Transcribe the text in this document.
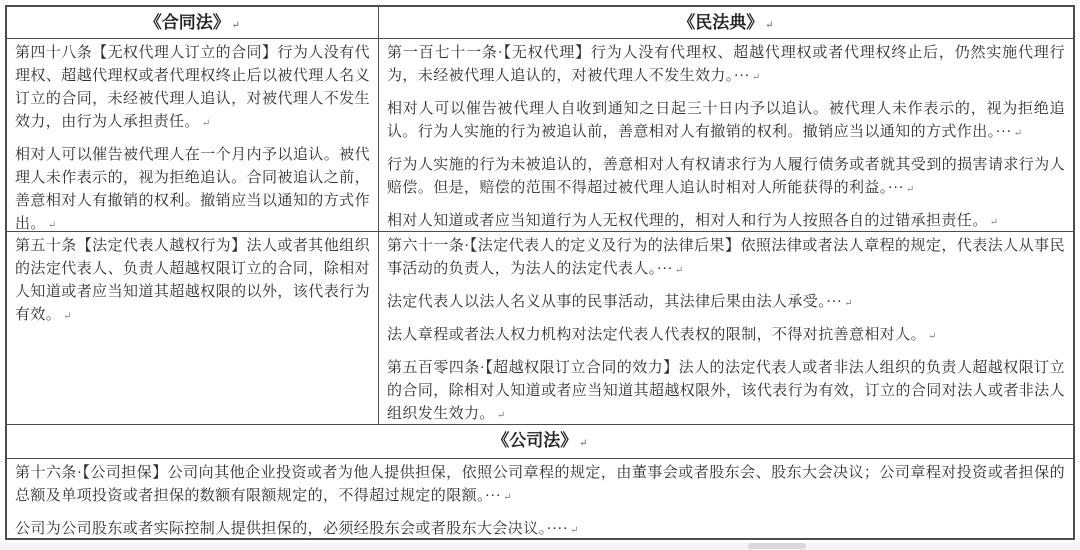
《合同法》 ↵	《民法典》 ↵

第四十八条【无权代理人订立的合同】行为人没有代理权、超越代理权或者代理权终止后以被代理人名义订立的合同，未经被代理人追认，对被代理人不发生效力，由行为人承担责任。 ↵

相对人可以催告被代理人在一个月内予以追认。被代理人未作表示的，视为拒绝追认。合同被追认之前，善意相对人有撤销的权利。撤销应当以通知的方式作出。 ↵

第一百七十一条·【无权代理】行为人没有代理权、超越代理权或者代理权终止后，仍然实施代理行为，未经被代理人追认的，对被代理人不发生效力。··· ↵

相对人可以催告被代理人自收到通知之日起三十日内予以追认。被代理人未作表示的，视为拒绝追认。行为人实施的行为被追认前，善意相对人有撤销的权利。撤销应当以通知的方式作出。··· ↵

行为人实施的行为未被追认的，善意相对人有权请求行为人履行债务或者就其受到的损害请求行为人赔偿。但是，赔偿的范围不得超过被代理人追认时相对人所能获得的利益。··· ↵

相对人知道或者应当知道行为人无权代理的，相对人和行为人按照各自的过错承担责任。 ↵

第五十条【法定代表人越权行为】法人或者其他组织的法定代表人、负责人超越权限订立的合同，除相对人知道或者应当知道其超越权限的以外，该代表行为有效。 ↵

第六十一条·【法定代表人的定义及行为的法律后果】依照法律或者法人章程的规定，代表法人从事民事活动的负责人，为法人的法定代表人。··· ↵

法定代表人以法人名义从事的民事活动，其法律后果由法人承受。··· ↵

法人章程或者法人权力机构对法定代表人代表权的限制，不得对抗善意相对人。 ↵

第五百零四条·【超越权限订立合同的效力】法人的法定代表人或者非法人组织的负责人超越权限订立的合同，除相对人知道或者应当知道其超越权限外，该代表行为有效，订立的合同对法人或者非法人组织发生效力。 ↵

《公司法》 ↵

第十六条·【公司担保】公司向其他企业投资或者为他人提供担保，依照公司章程的规定，由董事会或者股东会、股东大会决议；公司章程对投资或者担保的总额及单项投资或者担保的数额有限额规定的，不得超过规定的限额。··· ↵

公司为公司股东或者实际控制人提供担保的，必须经股东会或者股东大会决议。···· ↵
